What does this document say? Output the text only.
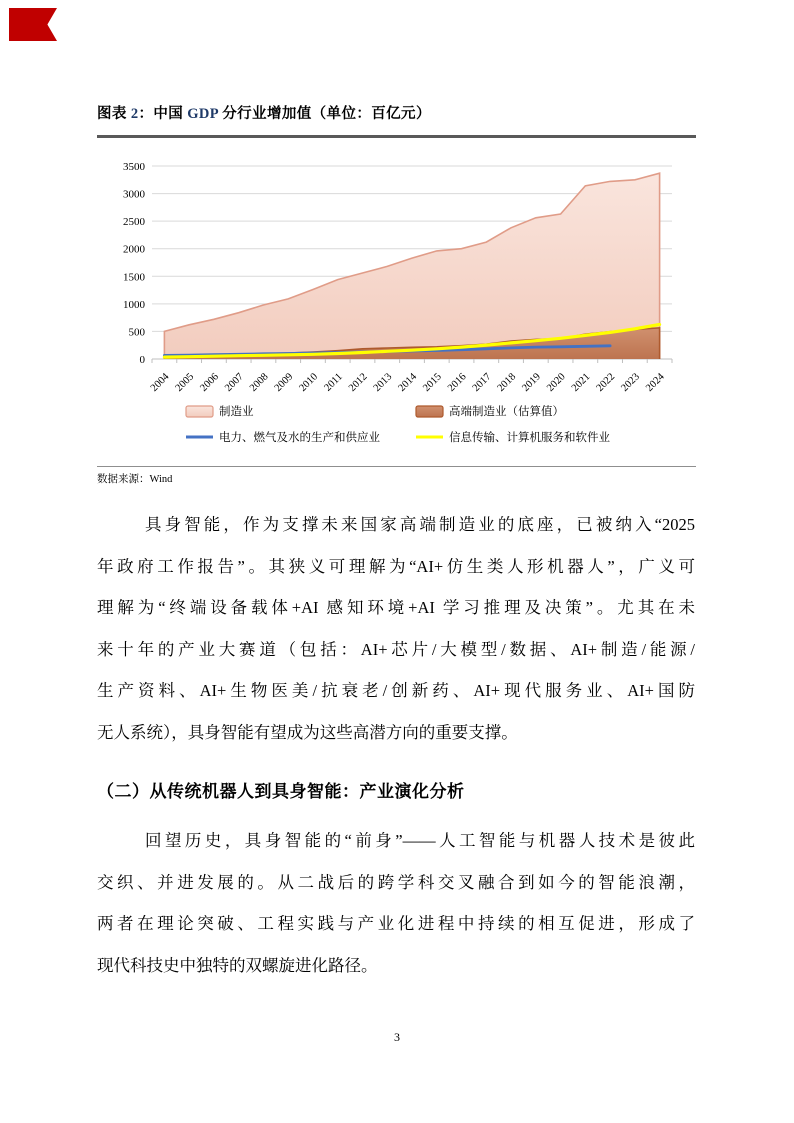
图表 2：中国 GDP 分行业增加值（单位：百亿元）
0
500
1000
1500
2000
2500
3000
3500
2004 2005 2006 2007 2008 2009 2010 2011 2012 2013 2014 2015 2016 2017 2018 2019 2020 2021 2022 2023 2024
制造业	高端制造业（估算值）
电力、燃气及水的生产和供应业	信息传输、计算机服务和软件业
数据来源：Wind
具身智能，作为支撑未来国家高端制造业的底座，已被纳入“2025
年政府工作报告”。其狭义可理解为“AI+仿生类人形机器人”，广义可
理解为“终端设备载体+AI 感知环境+AI 学习推理及决策”。尤其在未
来十年的产业大赛道（包括：AI+芯片/大模型/数据、AI+制造/能源/
生产资料、AI+生物医美/抗衰老/创新药、AI+现代服务业、AI+国防
无人系统），具身智能有望成为这些高潜方向的重要支撑。
（二）从传统机器人到具身智能：产业演化分析
回望历史，具身智能的“前身”——人工智能与机器人技术是彼此
交织、并进发展的。从二战后的跨学科交叉融合到如今的智能浪潮，
两者在理论突破、工程实践与产业化进程中持续的相互促进，形成了
现代科技史中独特的双螺旋进化路径。
3
